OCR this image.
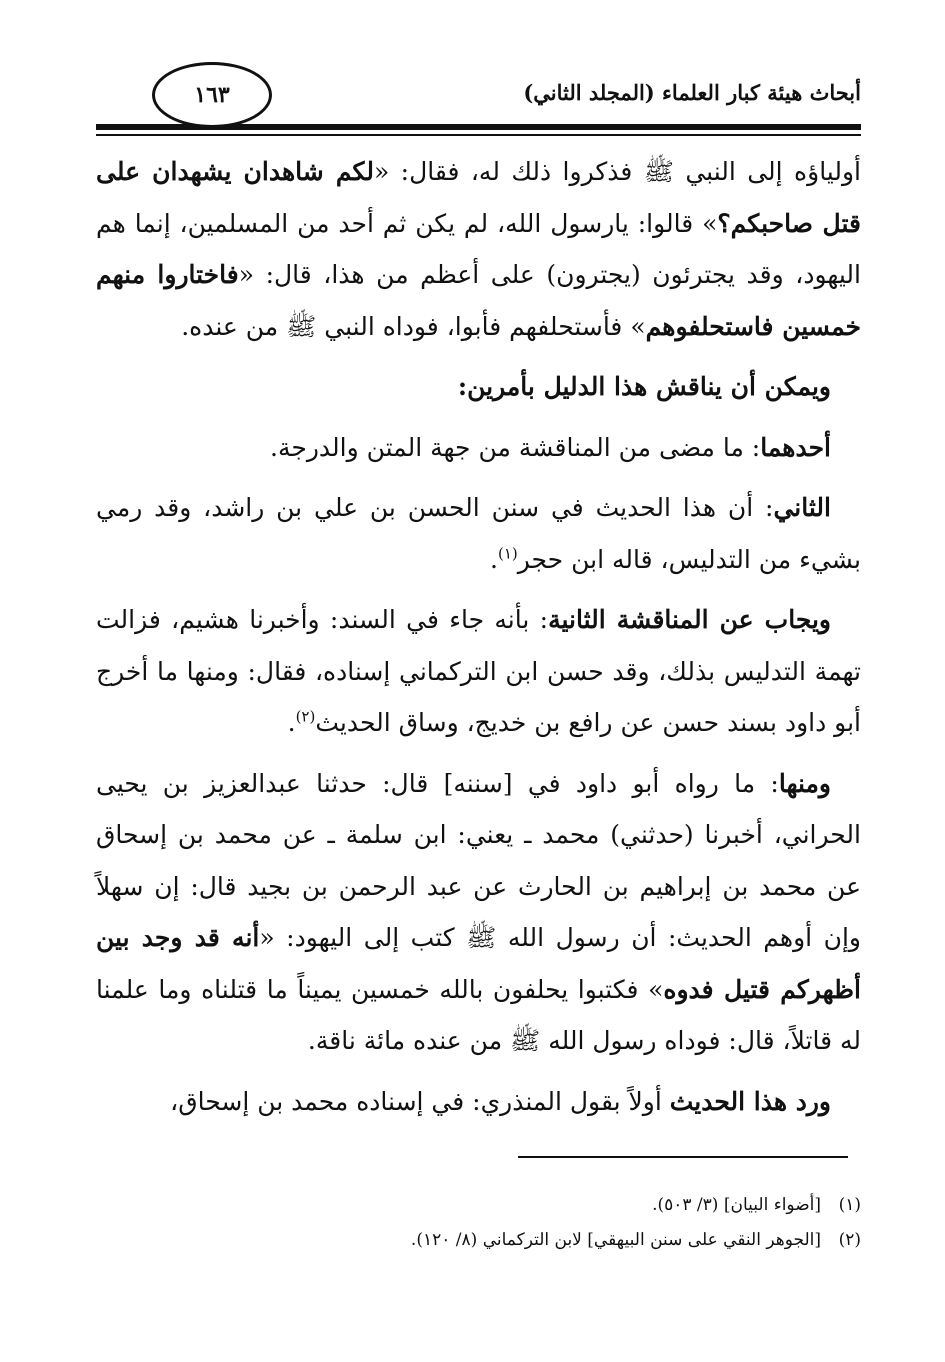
أبحاث هيئة كبار العلماء (المجلد الثاني)
١٦٣

أولياؤه إلى النبي ﷺ فذكروا ذلك له، فقال: «لكم شاهدان يشهدان على قتل صاحبكم؟» قالوا: يارسول الله، لم يكن ثم أحد من المسلمين، إنما هم اليهود، وقد يجترئون (يجترون) على أعظم من هذا، قال: «فاختاروا منهم خمسين فاستحلفوهم» فأستحلفهم فأبوا، فوداه النبي ﷺ من عنده.

ويمكن أن يناقش هذا الدليل بأمرين:

أحدهما: ما مضى من المناقشة من جهة المتن والدرجة.

الثاني: أن هذا الحديث في سنن الحسن بن علي بن راشد، وقد رمي بشيء من التدليس، قاله ابن حجر$^{(١)}$.

ويجاب عن المناقشة الثانية: بأنه جاء في السند: وأخبرنا هشيم، فزالت تهمة التدليس بذلك، وقد حسن ابن التركماني إسناده، فقال: ومنها ما أخرج أبو داود بسند حسن عن رافع بن خديج، وساق الحديث$^{(٢)}$.

ومنها: ما رواه أبو داود في [سننه] قال: حدثنا عبدالعزيز بن يحيى الحراني، أخبرنا (حدثني) محمد ـ يعني: ابن سلمة ـ عن محمد بن إسحاق عن محمد بن إبراهيم بن الحارث عن عبد الرحمن بن بجيد قال: إن سهلاً وإن أوهم الحديث: أن رسول الله ﷺ كتب إلى اليهود: «أنه قد وجد بين أظهركم قتيل فدوه» فكتبوا يحلفون بالله خمسين يميناً ما قتلناه وما علمنا له قاتلاً، قال: فوداه رسول الله ﷺ من عنده مائة ناقة.

ورد هذا الحديث أولاً بقول المنذري: في إسناده محمد بن إسحاق،

(١)[أضواء البيان] (٣/ ٥٠٣).
(٢)[الجوهر النقي على سنن البيهقي] لابن التركماني (٨/ ١٢٠).
